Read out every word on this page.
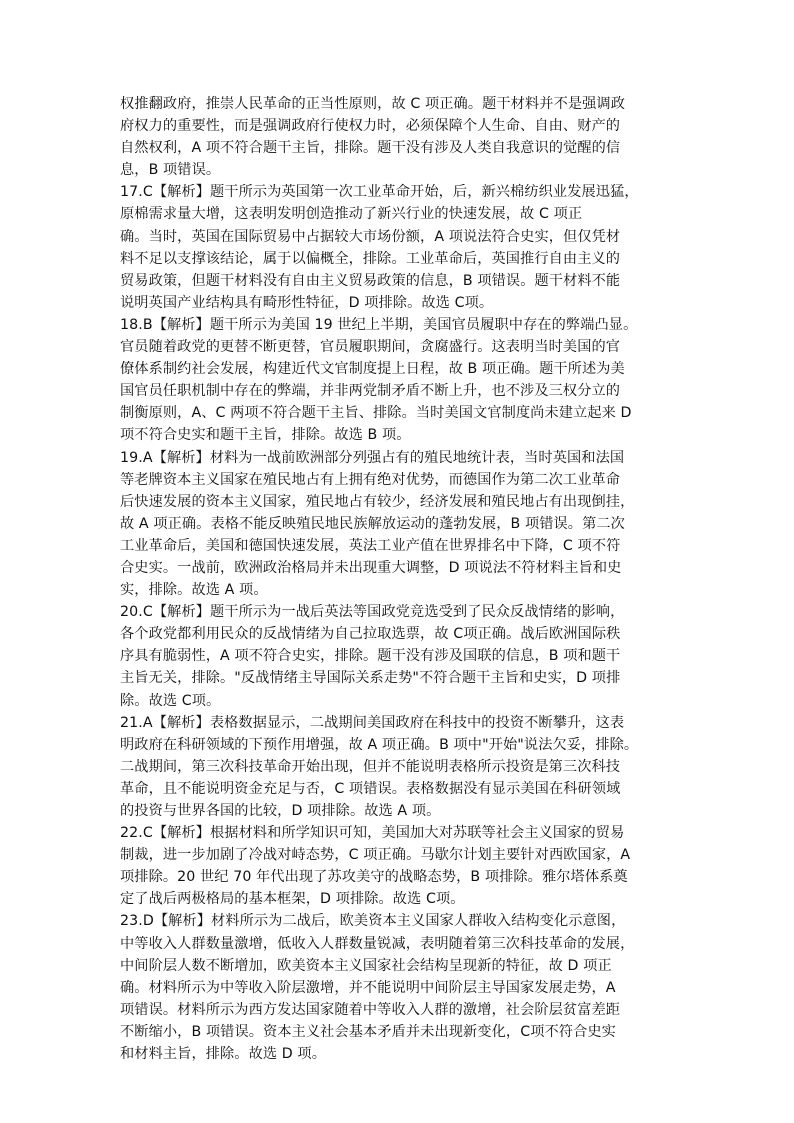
权推翻政府，推崇人民革命的正当性原则，故 C 项正确。题干材料并不是强调政
府权力的重要性，而是强调政府行使权力时，必须保障个人生命、自由、财产的
自然权利，A 项不符合题干主旨，排除。题干没有涉及人类自我意识的觉醒的信
息，B 项错误。
17.C【解析】题干所示为英国第一次工业革命开始，后，新兴棉纺织业发展迅猛，
原棉需求量大增，这表明发明创造推动了新兴行业的快速发展，故 C 项正
确。当时，英国在国际贸易中占据较大市场份额，A 项说法符合史实，但仅凭材
料不足以支撑该结论，属于以偏概全，排除。工业革命后，英国推行自由主义的
贸易政策，但题干材料没有自由主义贸易政策的信息，B 项错误。题干材料不能
说明英国产业结构具有畸形性特征，D 项排除。故选 C项。
18.B【解析】题干所示为美国 19 世纪上半期，美国官员履职中存在的弊端凸显。
官员随着政党的更替不断更替，官员履职期间，贪腐盛行。这表明当时美国的官
僚体系制约社会发展，构建近代文官制度提上日程，故 B 项正确。题干所述为美
国官员任职机制中存在的弊端，并非两党制矛盾不断上升，也不涉及三权分立的
制衡原则，A、C 两项不符合题干主旨、排除。当时美国文官制度尚未建立起来 D
项不符合史实和题干主旨，排除。故选 B 项。
19.A【解析】材料为一战前欧洲部分列强占有的殖民地统计表，当时英国和法国
等老牌资本主义国家在殖民地占有上拥有绝对优势，而德国作为第二次工业革命
后快速发展的资本主义国家，殖民地占有较少，经济发展和殖民地占有出现倒挂，
故 A 项正确。表格不能反映殖民地民族解放运动的蓬勃发展，B 项错误。第二次
工业革命后，美国和德国快速发展，英法工业产值在世界排名中下降，C 项不符
合史实。一战前，欧洲政治格局并未出现重大调整，D 项说法不符材料主旨和史
实，排除。故选 A 项。
20.C【解析】题干所示为一战后英法等国政党竞选受到了民众反战情绪的影响，
各个政党都利用民众的反战情绪为自己拉取选票，故 C项正确。战后欧洲国际秩
序具有脆弱性，A 项不符合史实，排除。题干没有涉及国联的信息，B 项和题干
主旨无关，排除。"反战情绪主导国际关系走势"不符合题干主旨和史实，D 项排
除。故选 C项。
21.A【解析】表格数据显示，二战期间美国政府在科技中的投资不断攀升，这表
明政府在科研领域的下预作用增强，故 A 项正确。B 项中"开始"说法欠妥，排除。
二战期间，第三次科技革命开始出现，但并不能说明表格所示投资是第三次科技
革命，且不能说明资金充足与否，C 项错误。表格数据没有显示美国在科研领域
的投资与世界各国的比较，D 项排除。故选 A 项。
22.C【解析】根据材料和所学知识可知，美国加大对苏联等社会主义国家的贸易
制裁，进一步加剧了冷战对峙态势，C 项正确。马歇尔计划主要针对西欧国家，A
项排除。20 世纪 70 年代出现了苏攻美守的战略态势，B 项排除。雅尔塔体系奠
定了战后两极格局的基本框架，D 项排除。故选 C项。
23.D【解析】材料所示为二战后，欧美资本主义国家人群收入结构变化示意图，
中等收入人群数量激增，低收入人群数量锐减，表明随着第三次科技革命的发展，
中间阶层人数不断增加，欧美资本主义国家社会结构呈现新的特征，故 D 项正
确。材料所示为中等收入阶层激增，并不能说明中间阶层主导国家发展走势，A
项错误。材料所示为西方发达国家随着中等收入人群的激增，社会阶层贫富差距
不断缩小，B 项错误。资本主义社会基本矛盾并未出现新变化，C项不符合史实
和材料主旨，排除。故选 D 项。
